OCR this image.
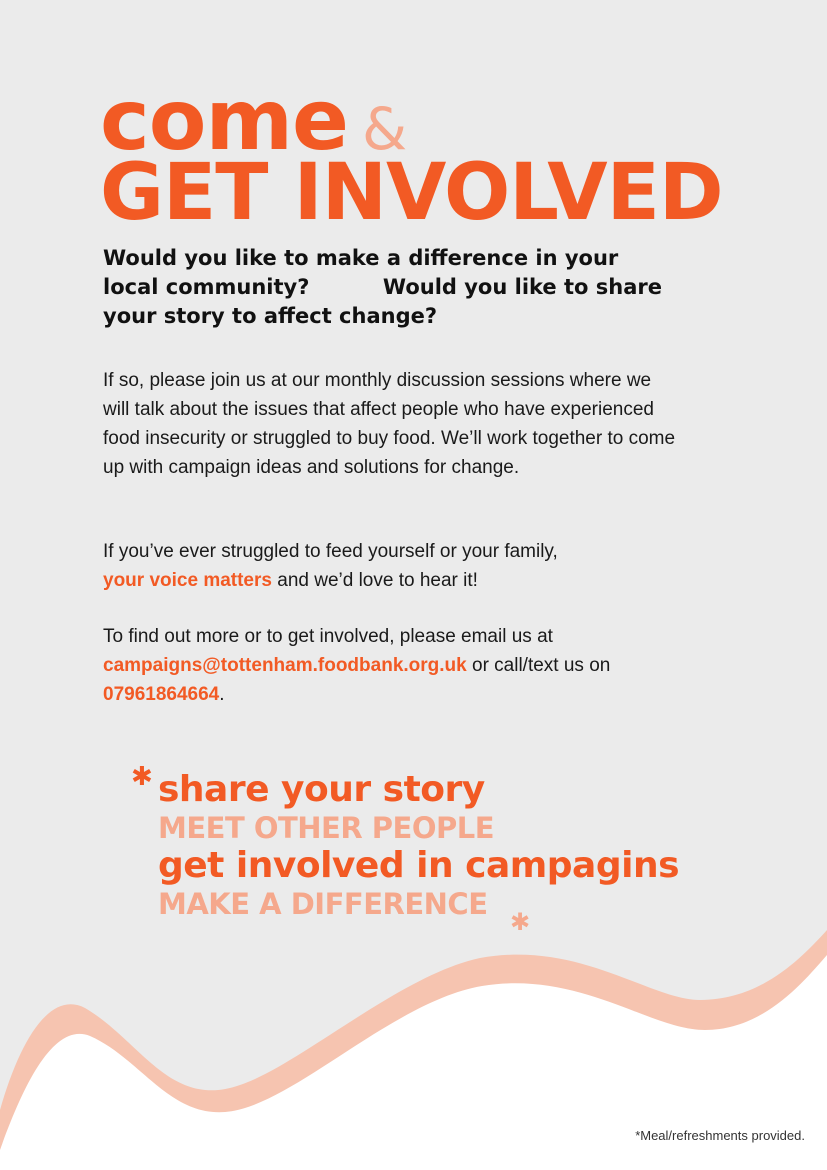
come &
GET INVOLVED

Would you like to make a difference in your local community?    	Would you like to share your story to affect change?

If so, please join us at our monthly discussion sessions where we will talk about the issues that affect people who have experienced food insecurity or struggled to buy food. We’ll work together to come up with campaign ideas and solutions for change.

If you’ve ever struggled to feed yourself or your family,
your voice matters and we’d love to hear it!

To find out more or to get involved, please email us at
campaigns@tottenham.foodbank.org.uk or call/text us on 07961864664.

✱ share your story
MEET OTHER PEOPLE
get involved in campagins
MAKE A DIFFERENCE
✱
*Meal/refreshments provided.
